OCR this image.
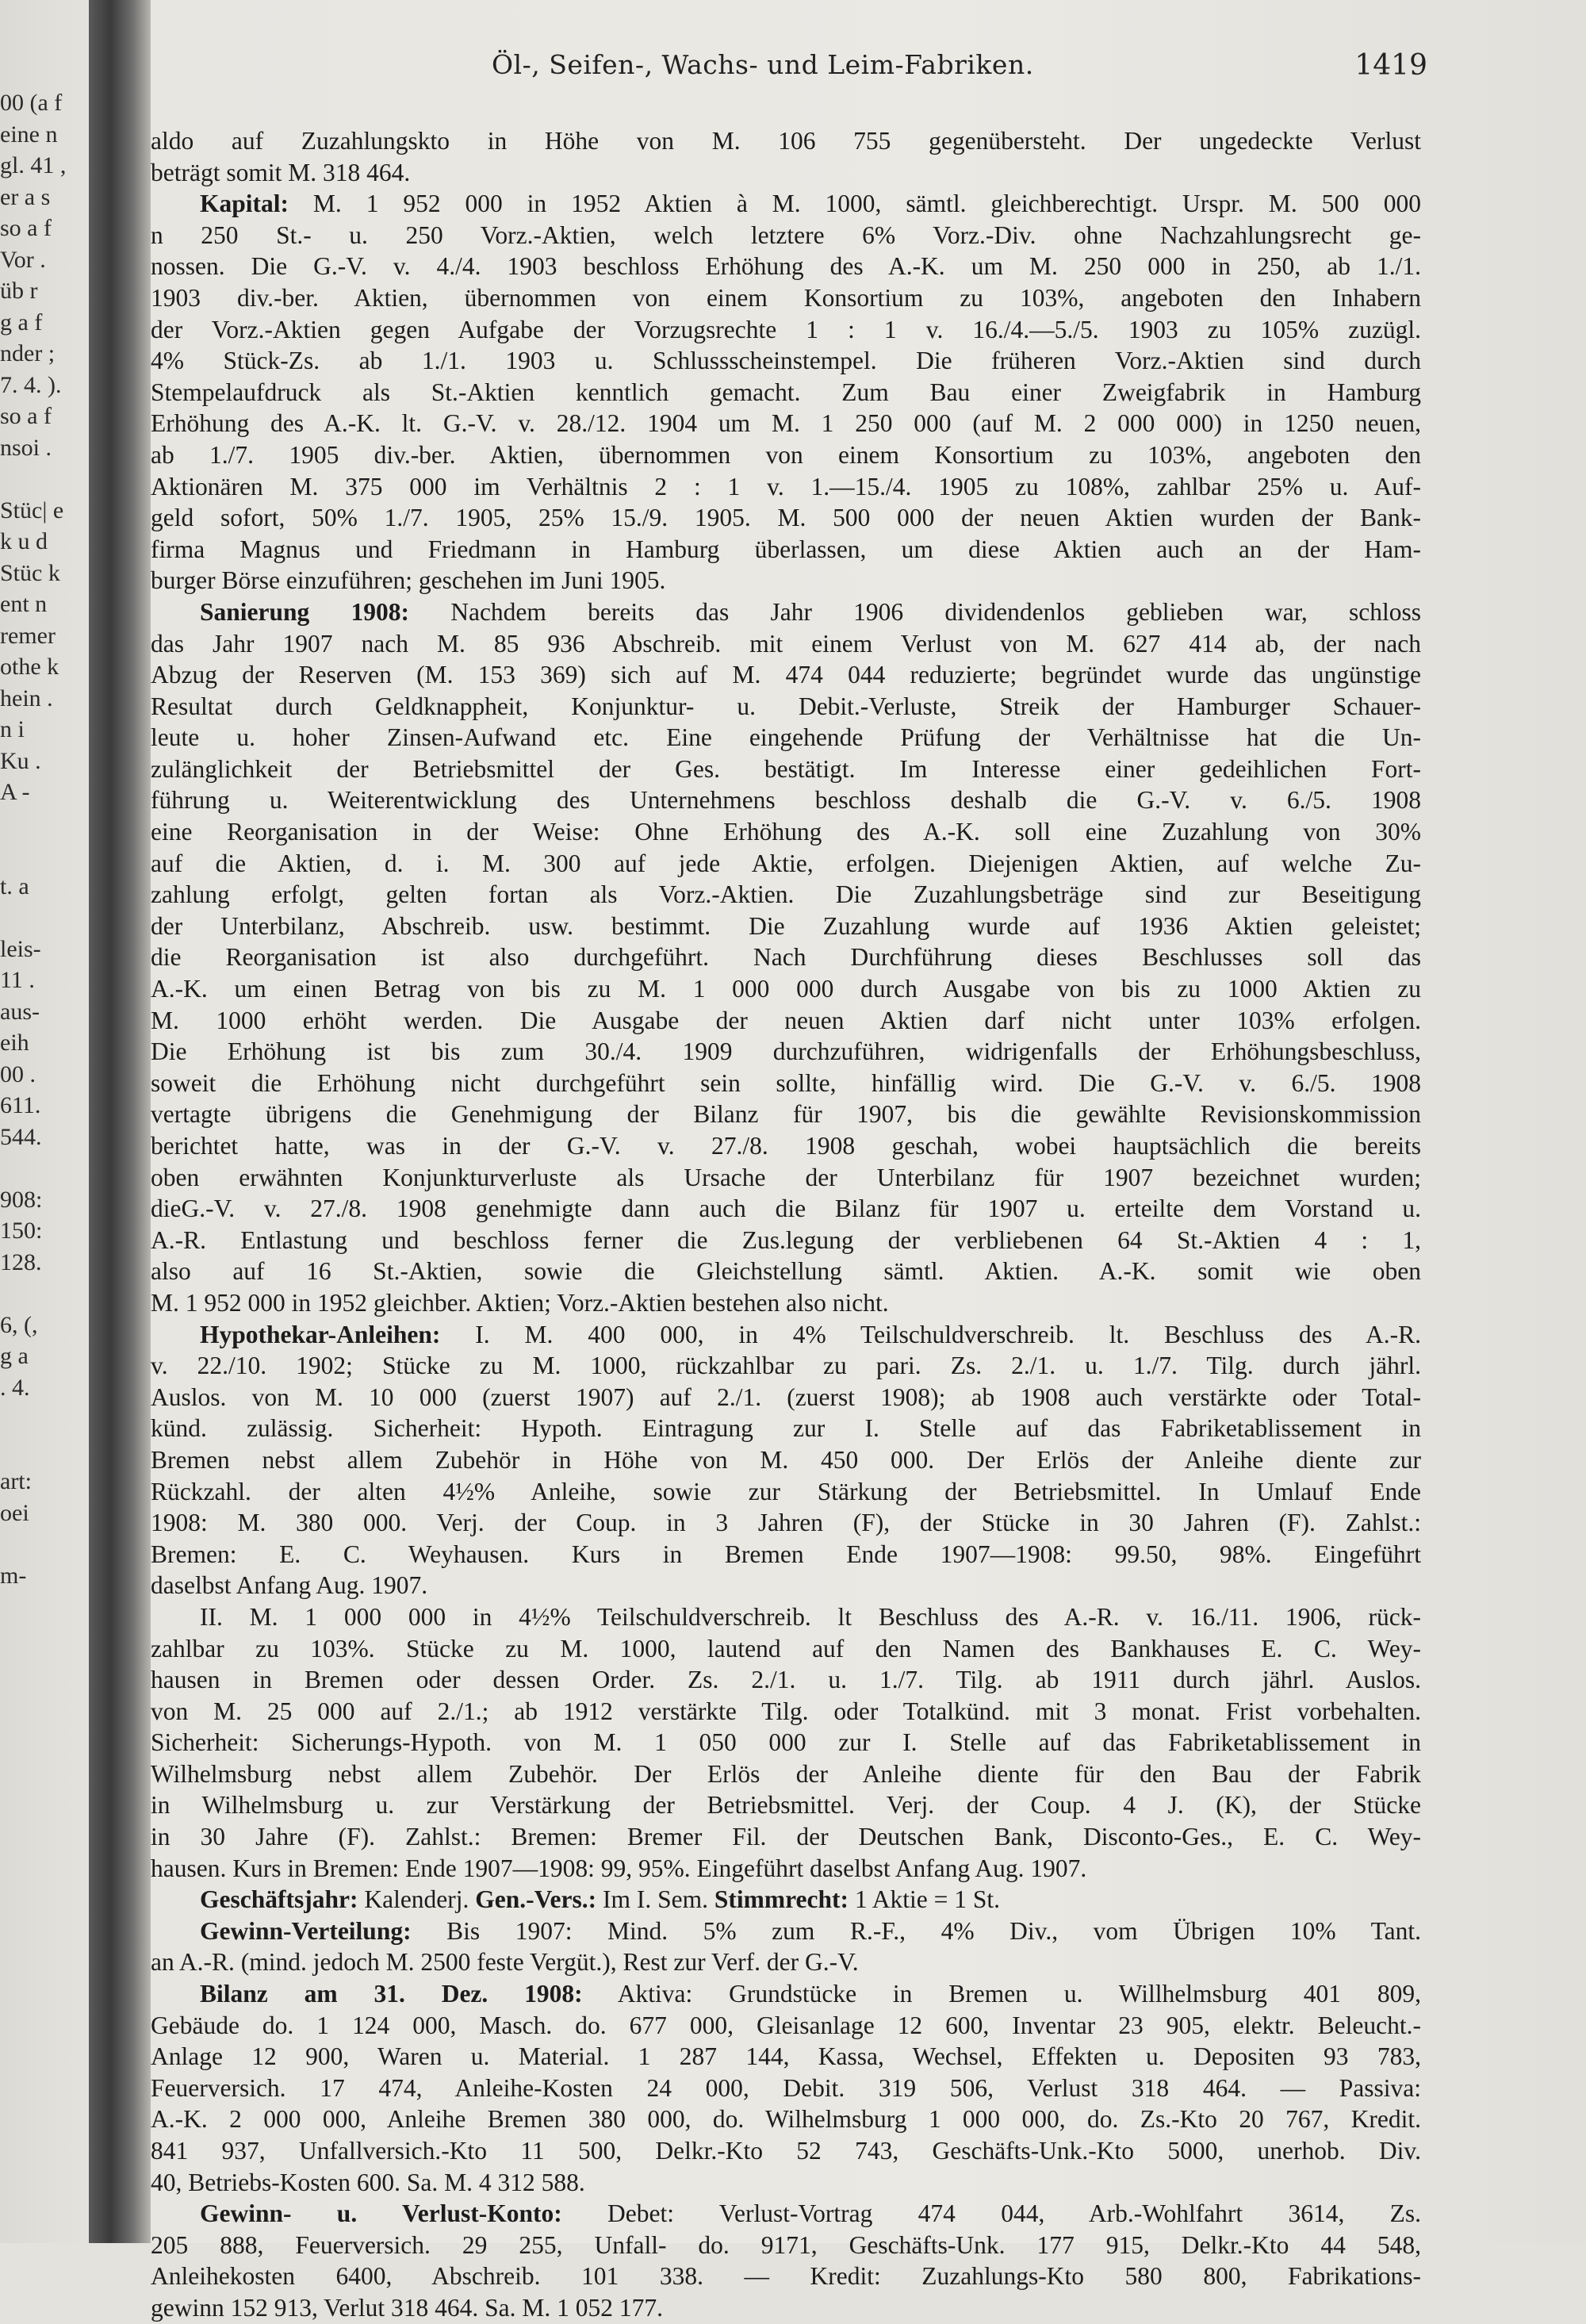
00 (a f
eine n
gl. 41 ,
er a s
so a f
Vor .
üb r
g a f
nder ;
7. 4. ).
so a f
nsoi .

Stüc| e
k u d
Stüc k
ent n
remer
othe k
hein .
n i
Ku .
A -

t. a

leis-
11 .
aus-
eih
00 .
611.
544.

908:
150:
128.

6, (,
g a
. 4.

art:
oei

m-
Öl-, Seifen-, Wachs- und Leim-Fabriken.	1419
aldo auf Zuzahlungskto in Höhe von M. 106 755 gegenübersteht. Der ungedeckte Verlust
beträgt somit M. 318 464.
Kapital: M. 1 952 000 in 1952 Aktien à M. 1000, sämtl. gleichberechtigt. Urspr. M. 500 000
n 250 St.- u. 250 Vorz.-Aktien, welch letztere 6% Vorz.-Div. ohne Nachzahlungsrecht ge-
nossen. Die G.-V. v. 4./4. 1903 beschloss Erhöhung des A.-K. um M. 250 000 in 250, ab 1./1.
1903 div.-ber. Aktien, übernommen von einem Konsortium zu 103%, angeboten den Inhabern
der Vorz.-Aktien gegen Aufgabe der Vorzugsrechte 1 : 1 v. 16./4.—5./5. 1903 zu 105% zuzügl.
4% Stück-Zs. ab 1./1. 1903 u. Schlussscheinstempel. Die früheren Vorz.-Aktien sind durch
Stempelaufdruck als St.-Aktien kenntlich gemacht. Zum Bau einer Zweigfabrik in Hamburg
Erhöhung des A.-K. lt. G.-V. v. 28./12. 1904 um M. 1 250 000 (auf M. 2 000 000) in 1250 neuen,
ab 1./7. 1905 div.-ber. Aktien, übernommen von einem Konsortium zu 103%, angeboten den
Aktionären M. 375 000 im Verhältnis 2 : 1 v. 1.—15./4. 1905 zu 108%, zahlbar 25% u. Auf-
geld sofort, 50% 1./7. 1905, 25% 15./9. 1905. M. 500 000 der neuen Aktien wurden der Bank-
firma Magnus und Friedmann in Hamburg überlassen, um diese Aktien auch an der Ham-
burger Börse einzuführen; geschehen im Juni 1905.
Sanierung 1908: Nachdem bereits das Jahr 1906 dividendenlos geblieben war, schloss
das Jahr 1907 nach M. 85 936 Abschreib. mit einem Verlust von M. 627 414 ab, der nach
Abzug der Reserven (M. 153 369) sich auf M. 474 044 reduzierte; begründet wurde das ungünstige
Resultat durch Geldknappheit, Konjunktur- u. Debit.-Verluste, Streik der Hamburger Schauer-
leute u. hoher Zinsen-Aufwand etc. Eine eingehende Prüfung der Verhältnisse hat die Un-
zulänglichkeit der Betriebsmittel der Ges. bestätigt. Im Interesse einer gedeihlichen Fort-
führung u. Weiterentwicklung des Unternehmens beschloss deshalb die G.-V. v. 6./5. 1908
eine Reorganisation in der Weise: Ohne Erhöhung des A.-K. soll eine Zuzahlung von 30%
auf die Aktien, d. i. M. 300 auf jede Aktie, erfolgen. Diejenigen Aktien, auf welche Zu-
zahlung erfolgt, gelten fortan als Vorz.-Aktien. Die Zuzahlungsbeträge sind zur Beseitigung
der Unterbilanz, Abschreib. usw. bestimmt. Die Zuzahlung wurde auf 1936 Aktien geleistet;
die Reorganisation ist also durchgeführt. Nach Durchführung dieses Beschlusses soll das
A.-K. um einen Betrag von bis zu M. 1 000 000 durch Ausgabe von bis zu 1000 Aktien zu
M. 1000 erhöht werden. Die Ausgabe der neuen Aktien darf nicht unter 103% erfolgen.
Die Erhöhung ist bis zum 30./4. 1909 durchzuführen, widrigenfalls der Erhöhungsbeschluss,
soweit die Erhöhung nicht durchgeführt sein sollte, hinfällig wird. Die G.-V. v. 6./5. 1908
vertagte übrigens die Genehmigung der Bilanz für 1907, bis die gewählte Revisionskommission
berichtet hatte, was in der G.-V. v. 27./8. 1908 geschah, wobei hauptsächlich die bereits
oben erwähnten Konjunkturverluste als Ursache der Unterbilanz für 1907 bezeichnet wurden;
dieG.-V. v. 27./8. 1908 genehmigte dann auch die Bilanz für 1907 u. erteilte dem Vorstand u.
A.-R. Entlastung und beschloss ferner die Zus.legung der verbliebenen 64 St.-Aktien 4 : 1,
also auf 16 St.-Aktien, sowie die Gleichstellung sämtl. Aktien. A.-K. somit wie oben
M. 1 952 000 in 1952 gleichber. Aktien; Vorz.-Aktien bestehen also nicht.
Hypothekar-Anleihen: I. M. 400 000, in 4% Teilschuldverschreib. lt. Beschluss des A.-R.
v. 22./10. 1902; Stücke zu M. 1000, rückzahlbar zu pari. Zs. 2./1. u. 1./7. Tilg. durch jährl.
Auslos. von M. 10 000 (zuerst 1907) auf 2./1. (zuerst 1908); ab 1908 auch verstärkte oder Total-
künd. zulässig. Sicherheit: Hypoth. Eintragung zur I. Stelle auf das Fabriketablissement in
Bremen nebst allem Zubehör in Höhe von M. 450 000. Der Erlös der Anleihe diente zur
Rückzahl. der alten 4½% Anleihe, sowie zur Stärkung der Betriebsmittel. In Umlauf Ende
1908: M. 380 000. Verj. der Coup. in 3 Jahren (F), der Stücke in 30 Jahren (F). Zahlst.:
Bremen: E. C. Weyhausen. Kurs in Bremen Ende 1907—1908: 99.50, 98%. Eingeführt
daselbst Anfang Aug. 1907.
II. M. 1 000 000 in 4½% Teilschuldverschreib. lt Beschluss des A.-R. v. 16./11. 1906, rück-
zahlbar zu 103%. Stücke zu M. 1000, lautend auf den Namen des Bankhauses E. C. Wey-
hausen in Bremen oder dessen Order. Zs. 2./1. u. 1./7. Tilg. ab 1911 durch jährl. Auslos.
von M. 25 000 auf 2./1.; ab 1912 verstärkte Tilg. oder Totalkünd. mit 3 monat. Frist vorbehalten.
Sicherheit: Sicherungs-Hypoth. von M. 1 050 000 zur I. Stelle auf das Fabriketablissement in
Wilhelmsburg nebst allem Zubehör. Der Erlös der Anleihe diente für den Bau der Fabrik
in Wilhelmsburg u. zur Verstärkung der Betriebsmittel. Verj. der Coup. 4 J. (K), der Stücke
in 30 Jahre (F). Zahlst.: Bremen: Bremer Fil. der Deutschen Bank, Disconto-Ges., E. C. Wey-
hausen. Kurs in Bremen: Ende 1907—1908: 99, 95%. Eingeführt daselbst Anfang Aug. 1907.
Geschäftsjahr: Kalenderj. Gen.-Vers.: Im I. Sem. Stimmrecht: 1 Aktie = 1 St.
Gewinn-Verteilung: Bis 1907: Mind. 5% zum R.-F., 4% Div., vom Übrigen 10% Tant.
an A.-R. (mind. jedoch M. 2500 feste Vergüt.), Rest zur Verf. der G.-V.
Bilanz am 31. Dez. 1908: Aktiva: Grundstücke in Bremen u. Willhelmsburg 401 809,
Gebäude do. 1 124 000, Masch. do. 677 000, Gleisanlage 12 600, Inventar 23 905, elektr. Beleucht.-
Anlage 12 900, Waren u. Material. 1 287 144, Kassa, Wechsel, Effekten u. Depositen 93 783,
Feuerversich. 17 474, Anleihe-Kosten 24 000, Debit. 319 506, Verlust 318 464. — Passiva:
A.-K. 2 000 000, Anleihe Bremen 380 000, do. Wilhelmsburg 1 000 000, do. Zs.-Kto 20 767, Kredit.
841 937, Unfallversich.-Kto 11 500, Delkr.-Kto 52 743, Geschäfts-Unk.-Kto 5000, unerhob. Div.
40, Betriebs-Kosten 600. Sa. M. 4 312 588.
Gewinn- u. Verlust-Konto: Debet: Verlust-Vortrag 474 044, Arb.-Wohlfahrt 3614, Zs.
205 888, Feuerversich. 29 255, Unfall- do. 9171, Geschäfts-Unk. 177 915, Delkr.-Kto 44 548,
Anleihekosten 6400, Abschreib. 101 338. — Kredit: Zuzahlungs-Kto 580 800, Fabrikations-
gewinn 152 913, Verlut 318 464. Sa. M. 1 052 177.
